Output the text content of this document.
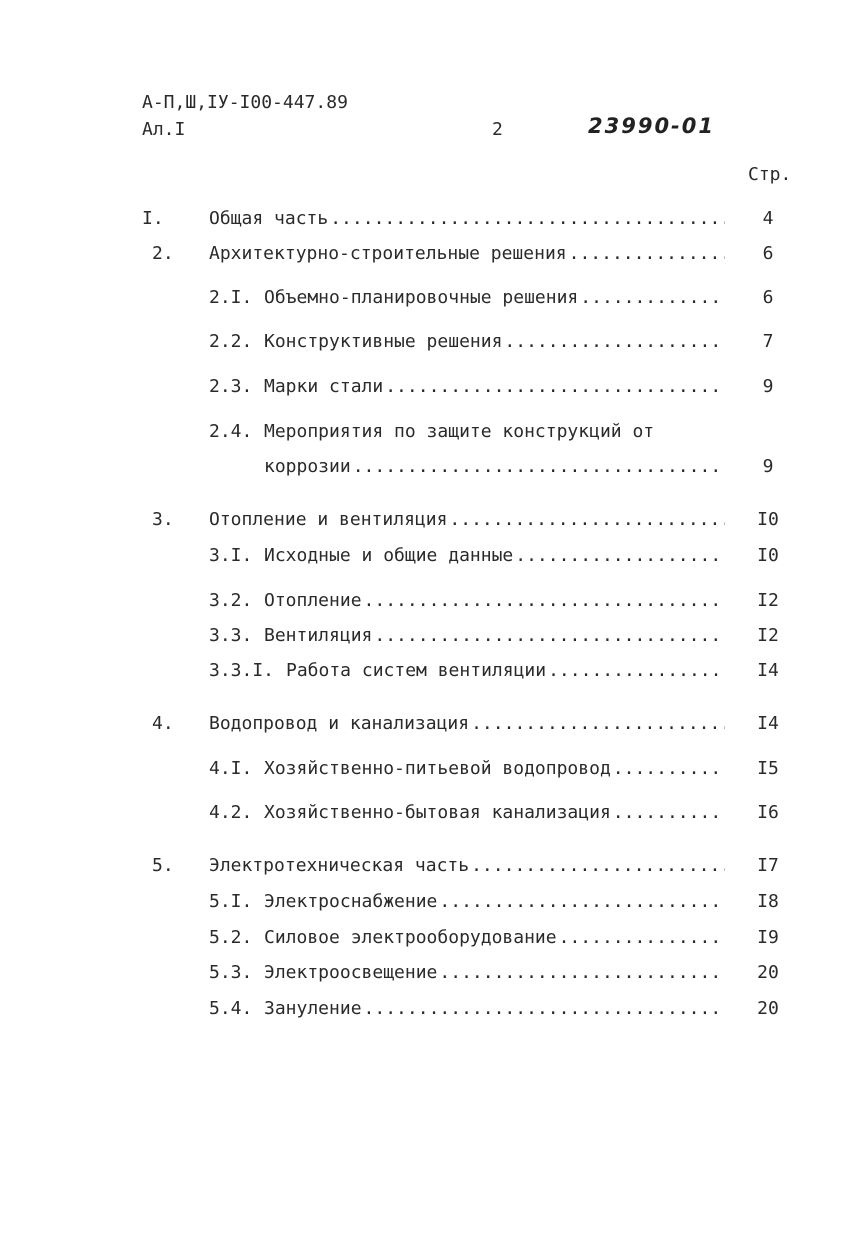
А-П,Ш,IУ-I00-447.89
Ал.I	2	23990-01
Стр.
I.	Общая часть .....	4
2. Архитектурно-строительные решения .....	6
2.I. Объемно-планировочные решения .....	6
2.2. Конструктивные решения .....	7
2.3. Марки стали .....	9
2.4. Мероприятия по защите конструкций от
коррозии .....	9
3. Отопление и вентиляция .....	I0
3.I. Исходные и общие данные .....	I0
3.2. Отопление .....	I2
3.3. Вентиляция .....	I2
3.3.I. Работа систем вентиляции .....	I4
4. Водопровод и канализация .....	I4
4.I. Хозяйственно-питьевой водопровод .....	I5
4.2. Хозяйственно-бытовая канализация .....	I6
5. Электротехническая часть .....	I7
5.I. Электроснабжение .....	I8
5.2. Силовое электрооборудование .....	I9
5.3. Электроосвещение .....	20
5.4. Зануление .....	20
